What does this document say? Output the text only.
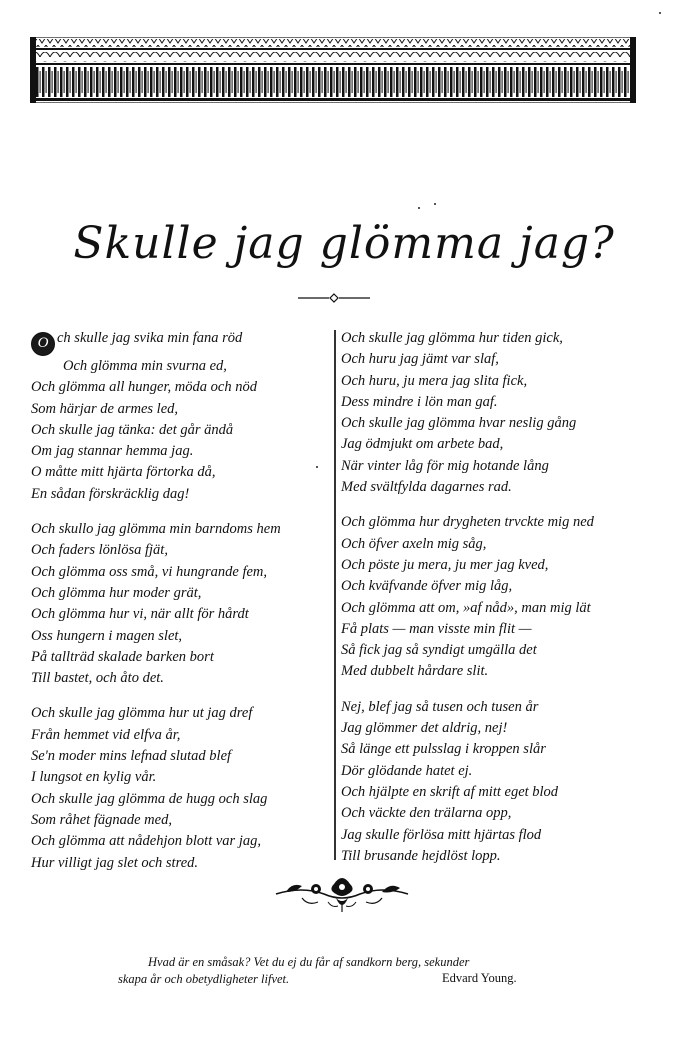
Skulle jag glömma jag?
O ch skulle jag svika min fana röd
Och glömma min svurna ed,
Och glömma all hunger, möda och nöd
Som härjar de armes led,
Och skulle jag tänka: det går ändå
Om jag stannar hemma jag.
O måtte mitt hjärta förtorka då,
En sådan förskräcklig dag!
Och skullo jag glömma min barndoms hem
Och faders lönlösa fjät,
Och glömma oss små, vi hungrande fem,
Och glömma hur moder grät,
Och glömma hur vi, när allt för hårdt
Oss hungern i magen slet,
På tallträd skalade barken bort
Till bastet, och åto det.
Och skulle jag glömma hur ut jag dref
Från hemmet vid elfva år,
Se'n moder mins lefnad slutad blef
I lungsot en kylig vår.
Och skulle jag glömma de hugg och slag
Som råhet fägnade med,
Och glömma att nådehjon blott var jag,
Hur villigt jag slet och stred.
Och skulle jag glömma hur tiden gick,
Och huru jag jämt var slaf,
Och huru, ju mera jag slita fick,
Dess mindre i lön man gaf.
Och skulle jag glömma hvar neslig gång
Jag ödmjukt om arbete bad,
När vinter låg för mig hotande lång
Med svältfylda dagarnes rad.
Och glömma hur drygheten trvckte mig ned
Och öfver axeln mig såg,
Och pöste ju mera, ju mer jag kved,
Och kväfvande öfver mig låg,
Och glömma att om, »af nåd», man mig lät
Få plats — man visste min flit —
Så fick jag så syndigt umgälla det
Med dubbelt hårdare slit.
Nej, blef jag så tusen och tusen år
Jag glömmer det aldrig, nej!
Så länge ett pulsslag i kroppen slår
Dör glödande hatet ej.
Och hjälpte en skrift af mitt eget blod
Och väckte den trälarna opp,
Jag skulle förlösa mitt hjärtas flod
Till brusande hejdlöst lopp.
Hvad är en småsak? Vet du ej du får af sandkorn berg, sekunder
skapa år och obetydligheter lifvet.	Edvard Young.
